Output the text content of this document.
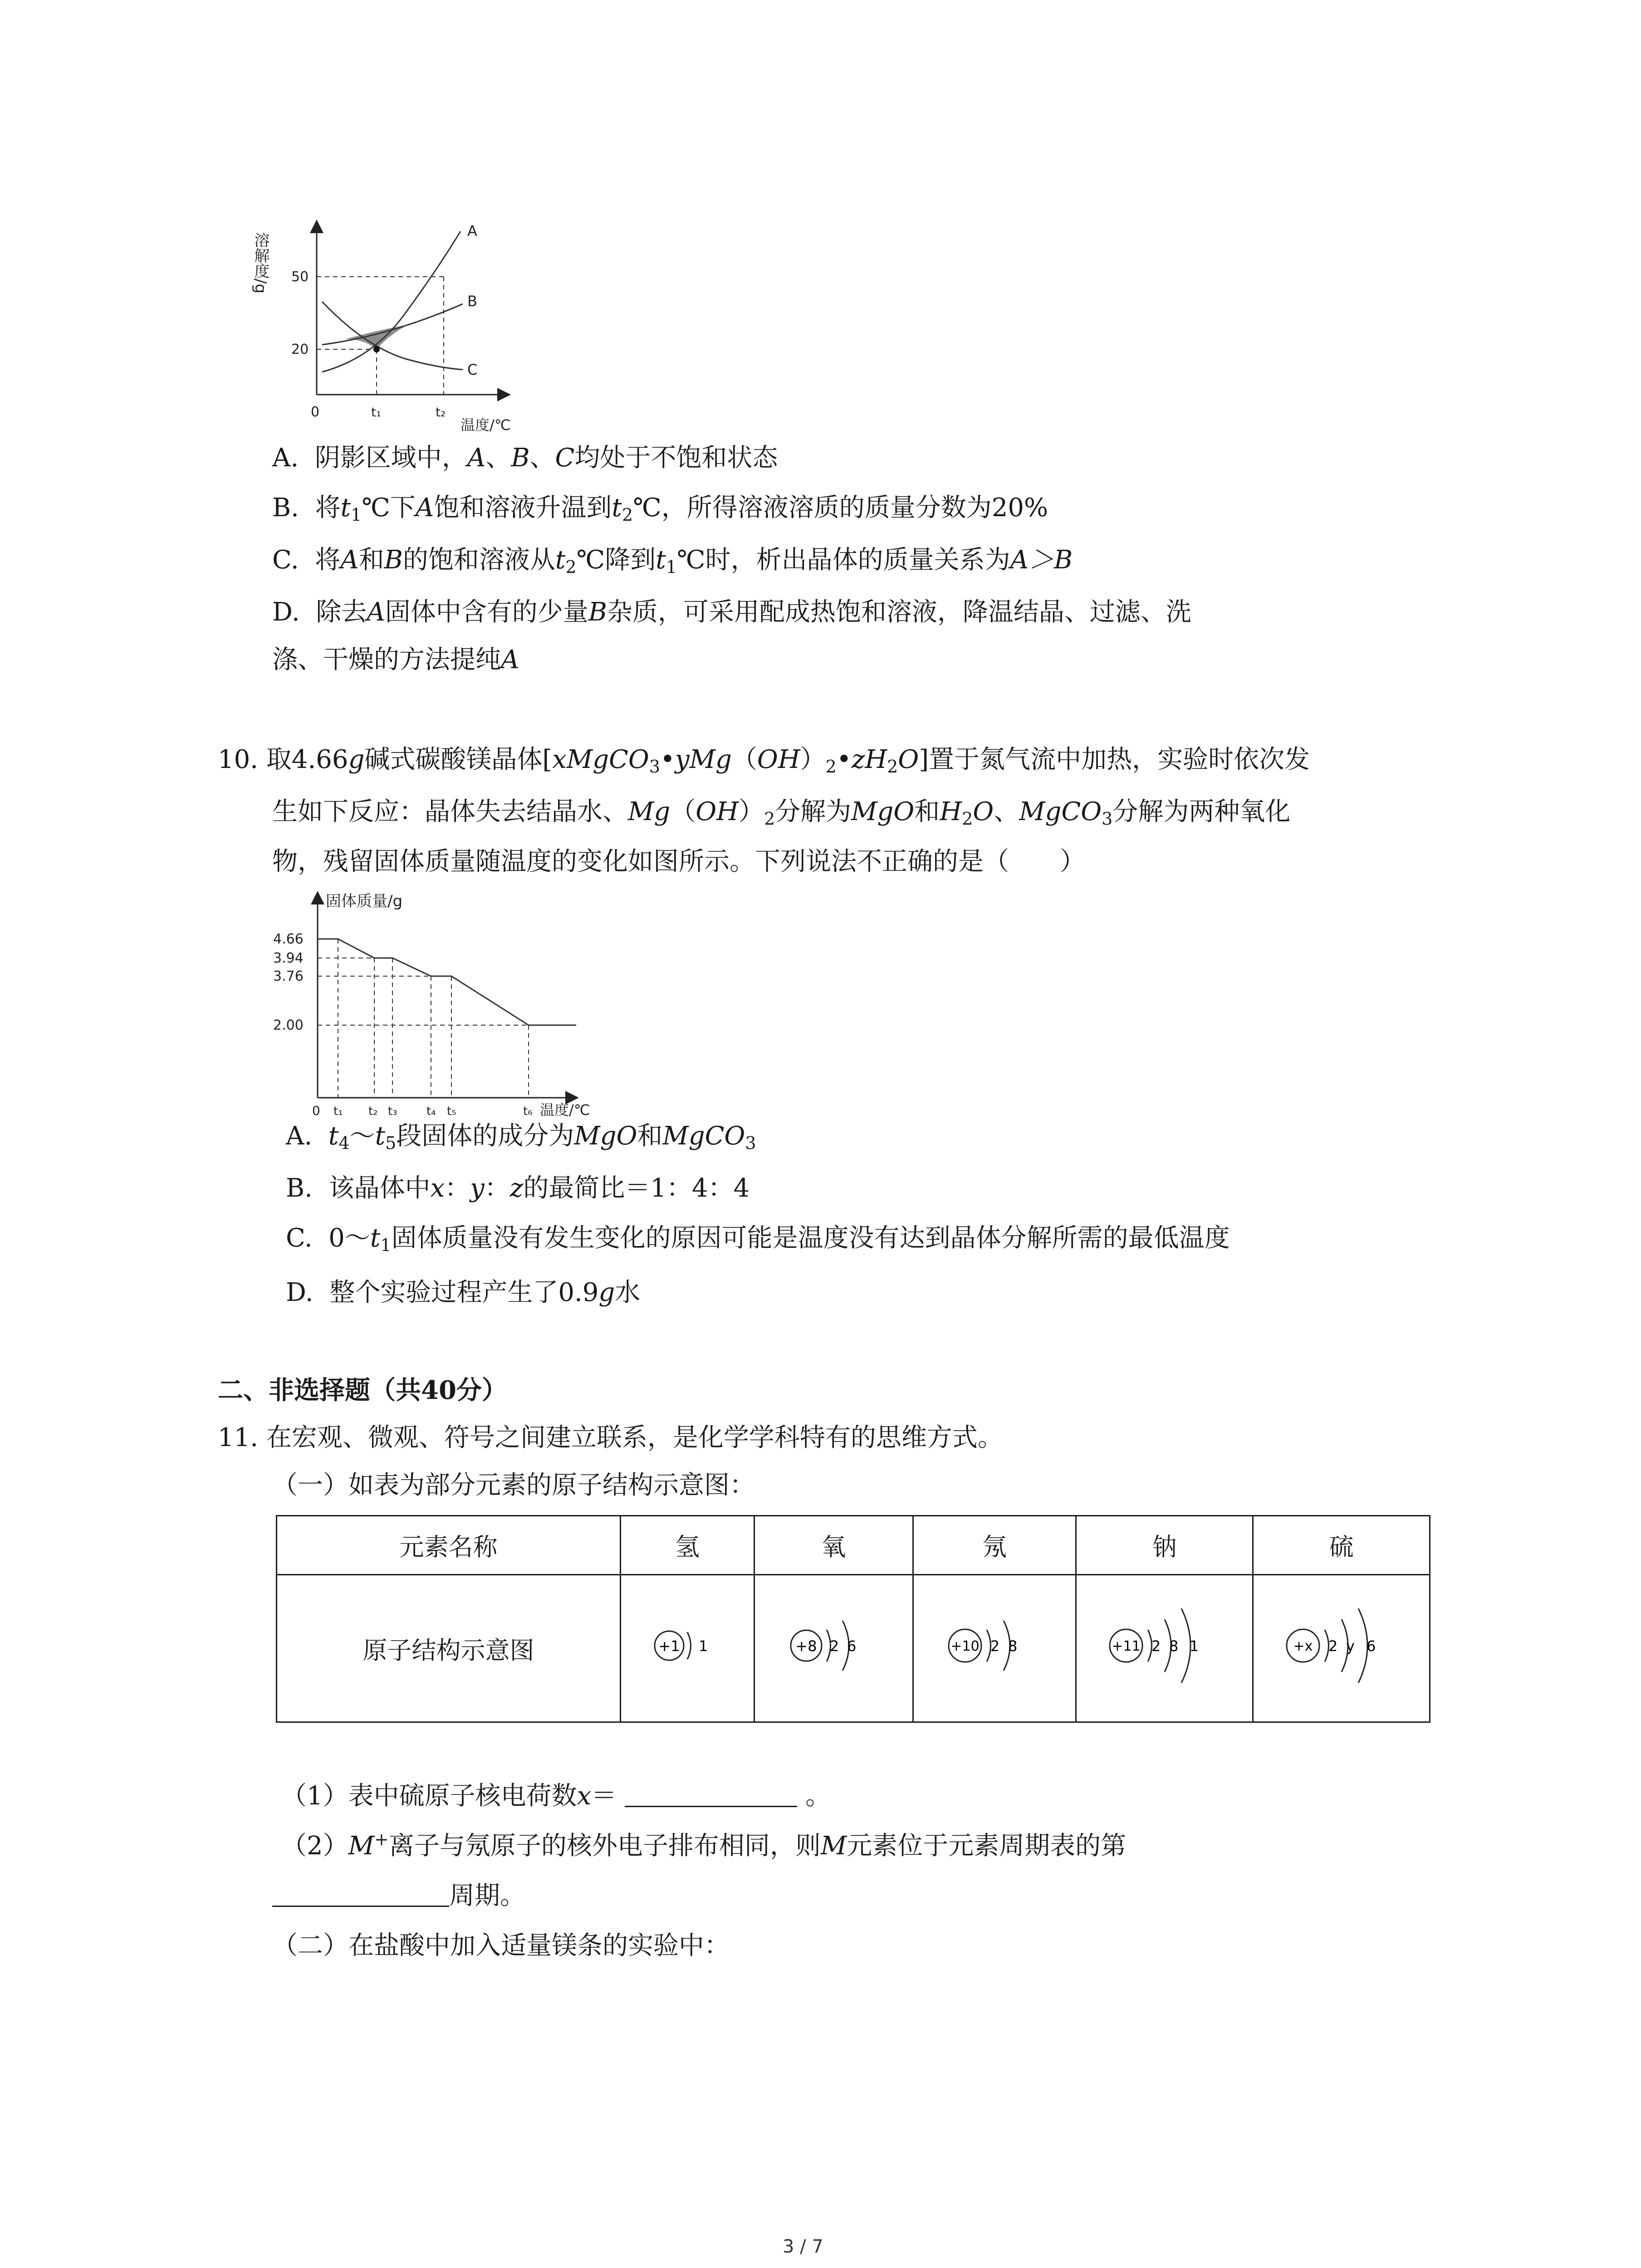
溶解度/g 50
20
0	t₁	t₂
温度/℃
A
B
C
A. 阴影区域中，A、B、C均处于不饱和状态
B. 将$t_1℃$下A饱和溶液升温到$t_2℃$，所得溶液溶质的质量分数为20%
C. 将A和B的饱和溶液从$t_2℃$降到$t_1℃$时，析出晶体的质量关系为A＞B
D. 除去A固体中含有的少量B杂质，可采用配成热饱和溶液，降温结晶、过滤、洗
涤、干燥的方法提纯A
10. 取4.66g碱式碳酸镁晶体$[xMgCO_3•yMg(OH)_2•zH_2O]$置于氮气流中加热，实验时依次发
生如下反应：晶体失去结晶水、$Mg(OH)_2$分解为MgO和$H_2O$、MgCO$_3$分解为两种氧化
物，残留固体质量随温度的变化如图所示。下列说法不正确的是（　　）
固体质量/g
4.66
3.94
3.76
2.00
0 t₁ t₂ t₃ t₄ t₅	t₆ 温度/℃
A. $t_4\sim t_5$段固体的成分为MgO和MgCO$_3$
B. 该晶体中x：y：z的最简比＝1：4：4
C. $0\sim t_1$固体质量没有发生变化的原因可能是温度没有达到晶体分解所需的最低温度
D. 整个实验过程产生了0.9g水
二、非选择题（共40分）
11. 在宏观、微观、符号之间建立联系，是化学学科特有的思维方式。
（一）如表为部分元素的原子结构示意图：
元素名称	氢	氧	氖	钠	硫
原子结构示意图	+1 1	+8 2 6	+10 2 8	+11 2 8 1	+x 2 y 6
（1）表中硫原子核电荷数x＝	。
（2）M+离子与氖原子的核外电子排布相同，则M元素位于元素周期表的第
周期。
（二）在盐酸中加入适量镁条的实验中：
3 / 7
